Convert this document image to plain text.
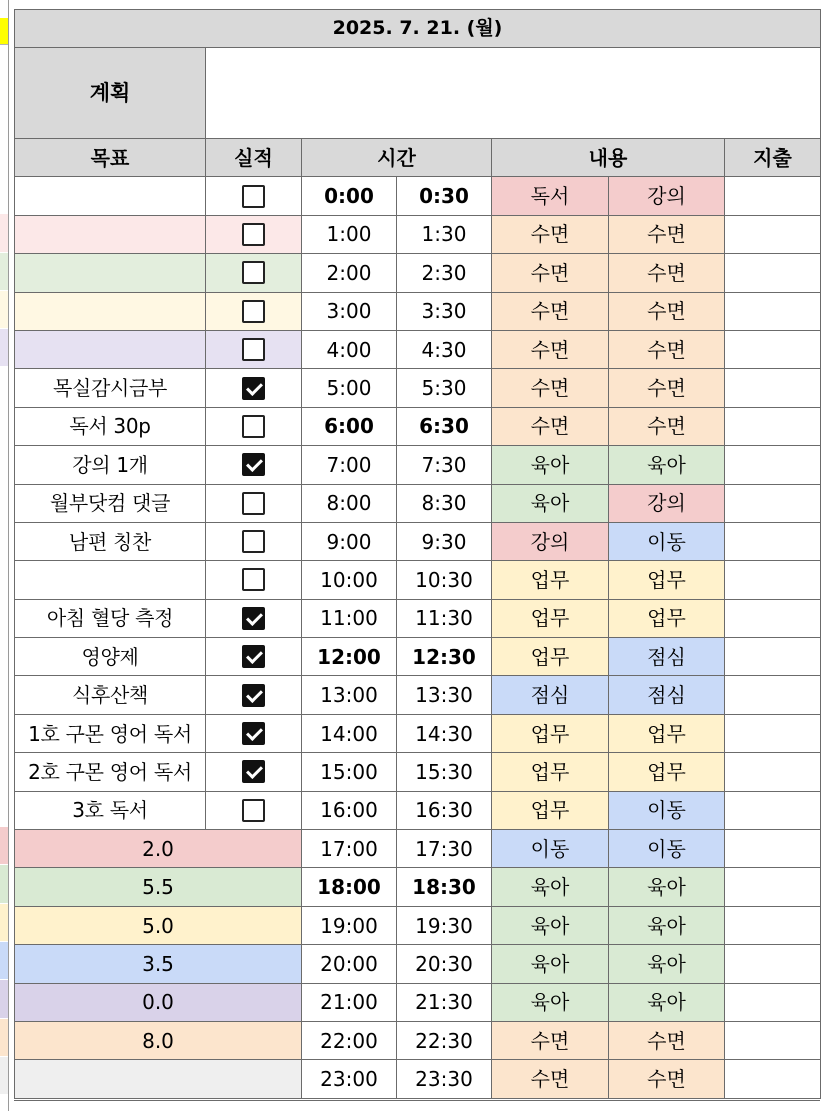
2025. 7. 21. (월)						
계획						
목표	실적	시간		내용		지출
		0:00	0:30	독서	강의	
		1:00	1:30	수면	수면	
		2:00	2:30	수면	수면	
		3:00	3:30	수면	수면	
		4:00	4:30	수면	수면	
목실감시금부		5:00	5:30	수면	수면	
독서 30p		6:00	6:30	수면	수면	
강의 1개		7:00	7:30	육아	육아	
월부닷컴 댓글		8:00	8:30	육아	강의	
남편 칭찬		9:00	9:30	강의	이동	
		10:00	10:30	업무	업무	
아침 혈당 측정		11:00	11:30	업무	업무	
영양제		12:00	12:30	업무	점심	
식후산책		13:00	13:30	점심	점심	
1호 구몬 영어 독서		14:00	14:30	업무	업무	
2호 구몬 영어 독서		15:00	15:30	업무	업무	
3호 독서		16:00	16:30	업무	이동	
2.0		17:00	17:30	이동	이동	
5.5		18:00	18:30	육아	육아	
5.0		19:00	19:30	육아	육아	
3.5		20:00	20:30	육아	육아	
0.0		21:00	21:30	육아	육아	
8.0		22:00	22:30	수면	수면	
		23:00	23:30	수면	수면	
